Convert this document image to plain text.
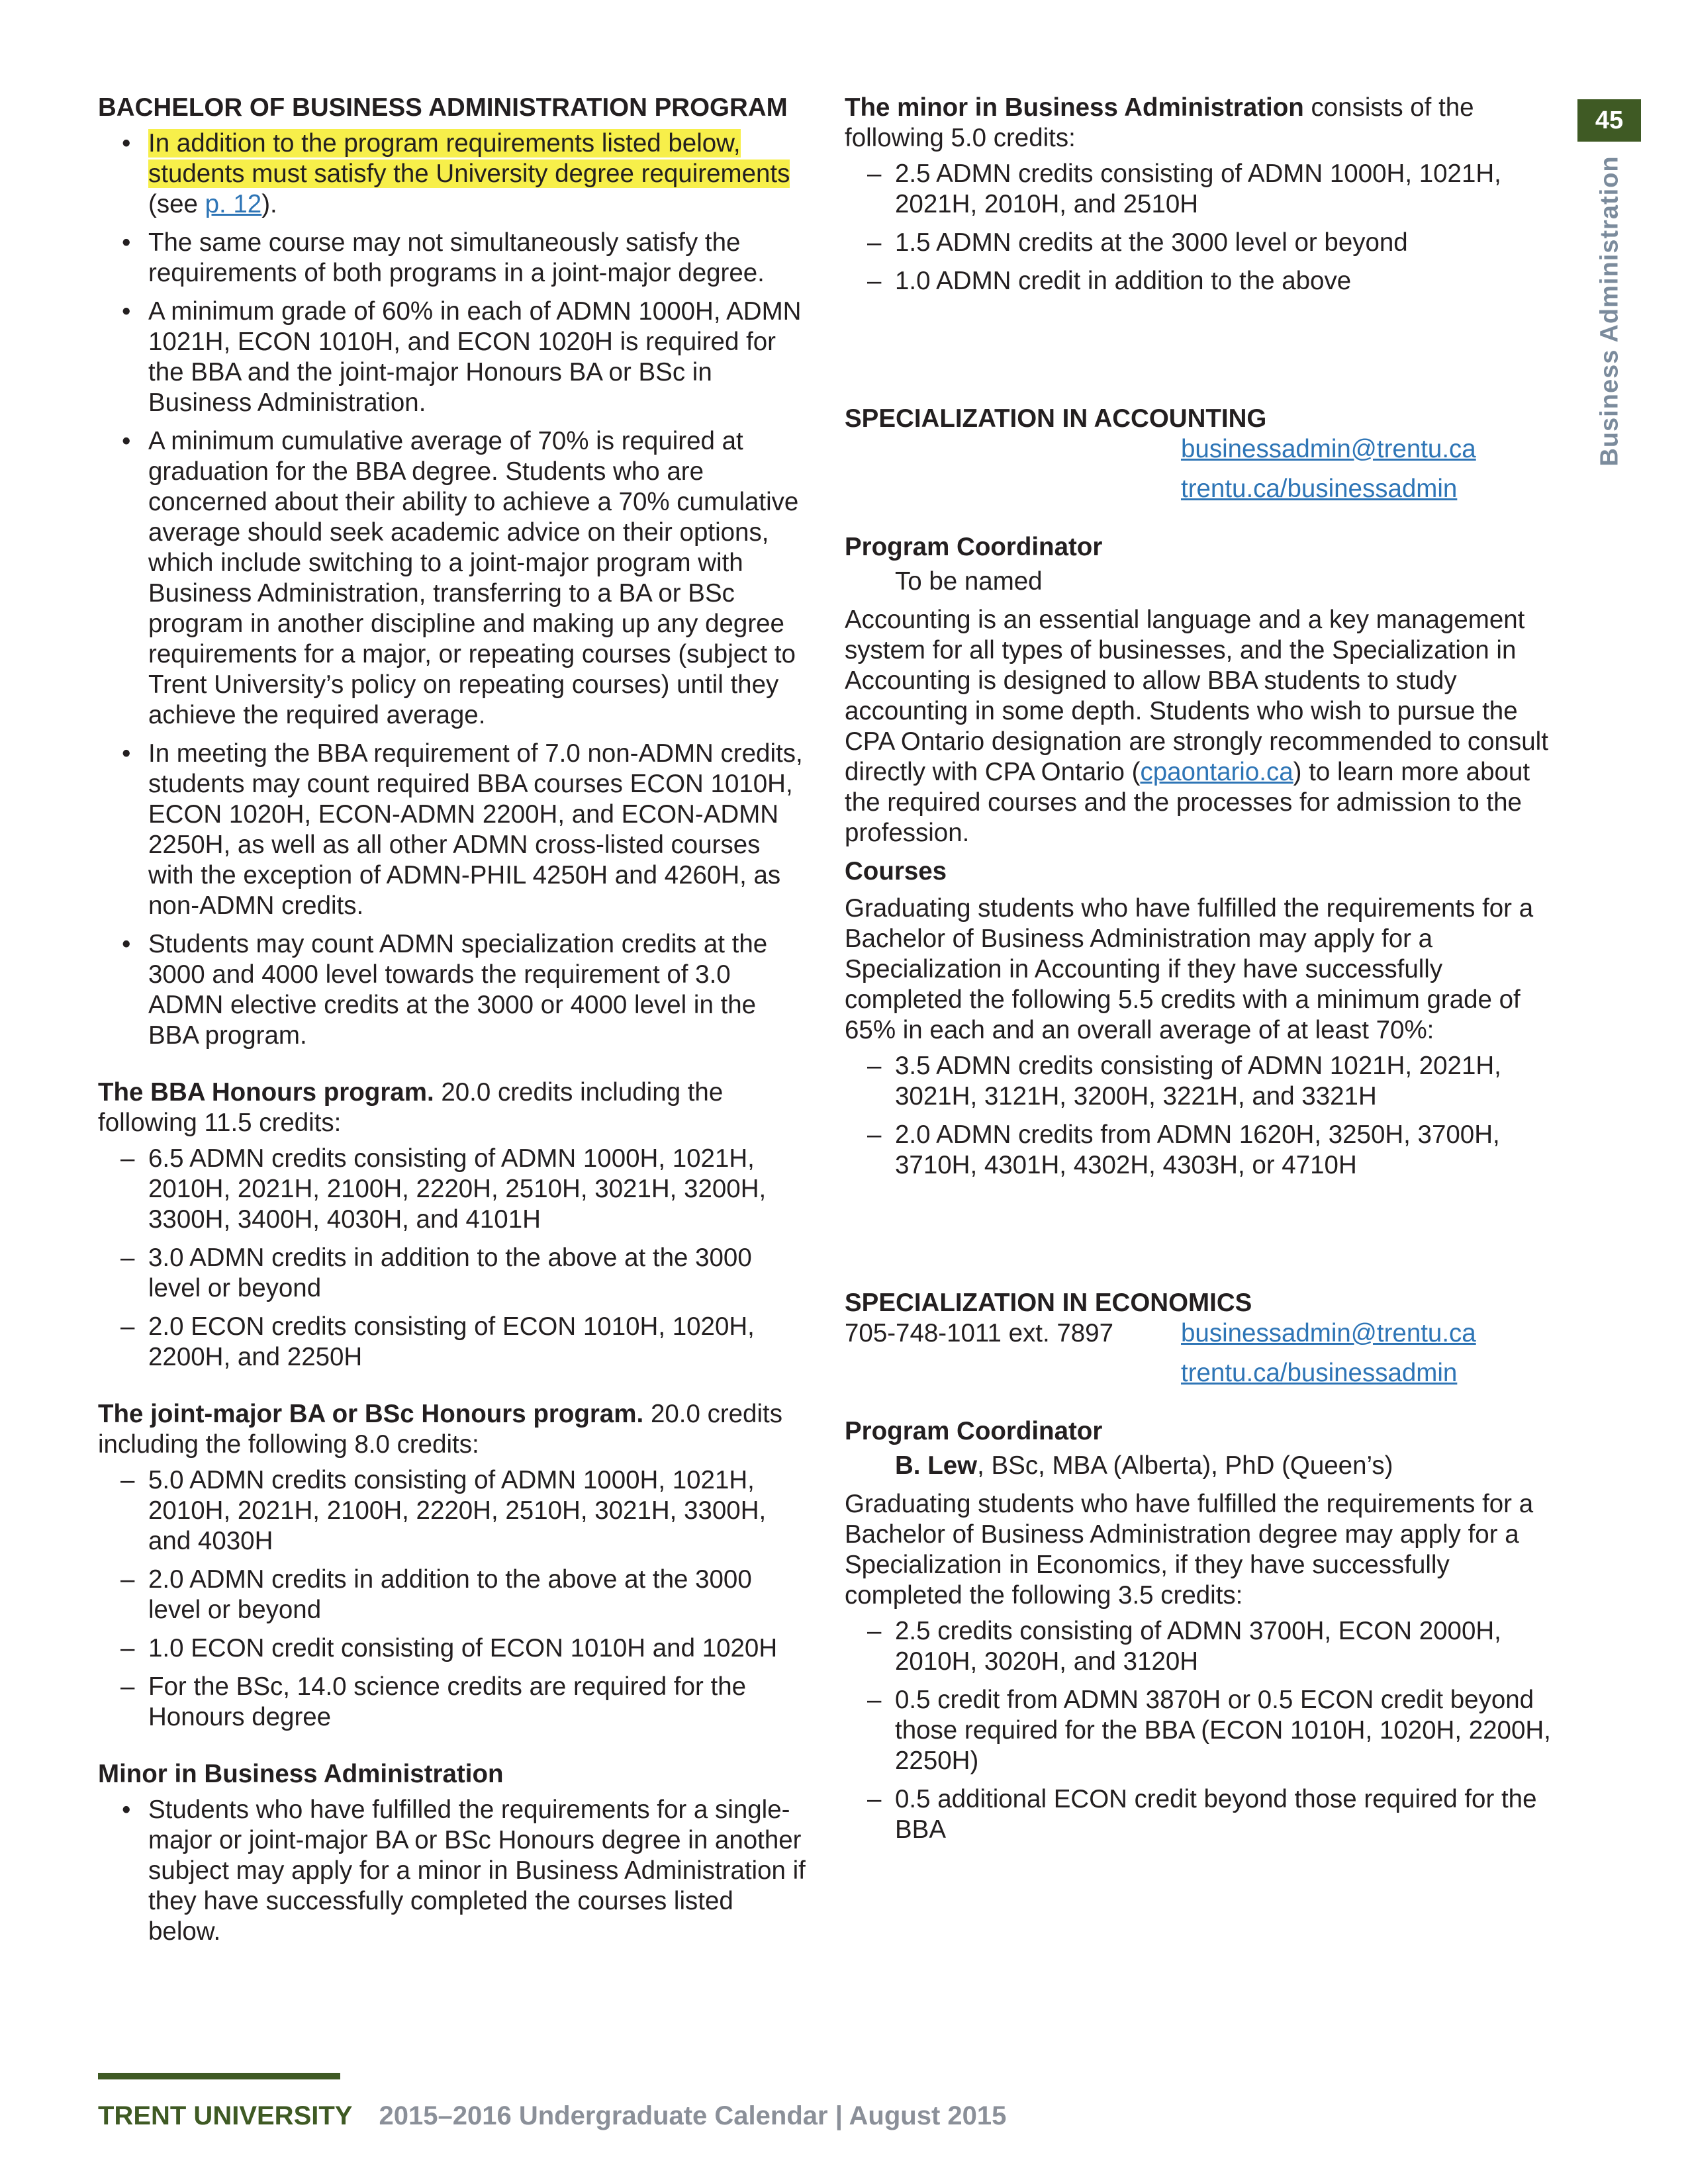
BACHELOR OF BUSINESS ADMINISTRATION PROGRAM
• In addition to the program requirements listed below, students must satisfy the University degree requirements (see p. 12).
• The same course may not simultaneously satisfy the requirements of both programs in a joint-major degree.
• A minimum grade of 60% in each of ADMN 1000H, ADMN 1021H, ECON 1010H, and ECON 1020H is required for the BBA and the joint-major Honours BA or BSc in Business Administration.
• A minimum cumulative average of 70% is required at graduation for the BBA degree. Students who are concerned about their ability to achieve a 70% cumulative average should seek academic advice on their options, which include switching to a joint-major program with Business Administration, transferring to a BA or BSc program in another discipline and making up any degree requirements for a major, or repeating courses (subject to Trent University’s policy on repeating courses) until they achieve the required average.
• In meeting the BBA requirement of 7.0 non-ADMN credits, students may count required BBA courses ECON 1010H, ECON 1020H, ECON-ADMN 2200H, and ECON-ADMN 2250H, as well as all other ADMN cross-listed courses with the exception of ADMN-PHIL 4250H and 4260H, as non-ADMN credits.
• Students may count ADMN specialization credits at the 3000 and 4000 level towards the requirement of 3.0 ADMN elective credits at the 3000 or 4000 level in the BBA program.

The BBA Honours program. 20.0 credits including the following 11.5 credits:

– 6.5 ADMN credits consisting of ADMN 1000H, 1021H, 2010H, 2021H, 2100H, 2220H, 2510H, 3021H, 3200H, 3300H, 3400H, 4030H, and 4101H
– 3.0 ADMN credits in addition to the above at the 3000 level or beyond
– 2.0 ECON credits consisting of ECON 1010H, 1020H, 2200H, and 2250H

The joint-major BA or BSc Honours program. 20.0 credits including the following 8.0 credits:

– 5.0 ADMN credits consisting of ADMN 1000H, 1021H, 2010H, 2021H, 2100H, 2220H, 2510H, 3021H, 3300H, and 4030H
– 2.0 ADMN credits in addition to the above at the 3000 level or beyond
– 1.0 ECON credit consisting of ECON 1010H and 1020H
– For the BSc, 14.0 science credits are required for the Honours degree

Minor in Business Administration

• Students who have fulfilled the requirements for a single-major or joint-major BA or BSc Honours degree in another subject may apply for a minor in Business Administration if they have successfully completed the courses listed below.

The minor in Business Administration consists of the following 5.0 credits:

– 2.5 ADMN credits consisting of ADMN 1000H, 1021H, 2021H, 2010H, and 2510H
– 1.5 ADMN credits at the 3000 level or beyond
– 1.0 ADMN credit in addition to the above
SPECIALIZATION IN ACCOUNTING
businessadmin@trentu.ca
trentu.ca/businessadmin

Program Coordinator

To be named

Accounting is an essential language and a key management system for all types of businesses, and the Specialization in Accounting is designed to allow BBA students to study accounting in some depth. Students who wish to pursue the CPA Ontario designation are strongly recommended to consult directly with CPA Ontario (cpaontario.ca) to learn more about the required courses and the processes for admission to the profession.

Courses

Graduating students who have fulfilled the requirements for a Bachelor of Business Administration may apply for a Specialization in Accounting if they have successfully completed the following 5.5 credits with a minimum grade of 65% in each and an overall average of at least 70%:

– 3.5 ADMN credits consisting of ADMN 1021H, 2021H, 3021H, 3121H, 3200H, 3221H, and 3321H
– 2.0 ADMN credits from ADMN 1620H, 3250H, 3700H, 3710H, 4301H, 4302H, 4303H, or 4710H
SPECIALIZATION IN ECONOMICS
705-748-1011 ext. 7897	businessadmin@trentu.ca
trentu.ca/businessadmin

Program Coordinator

B. Lew, BSc, MBA (Alberta), PhD (Queen’s)

Graduating students who have fulfilled the requirements for a Bachelor of Business Administration degree may apply for a Specialization in Economics, if they have successfully completed the following 3.5 credits:

– 2.5 credits consisting of ADMN 3700H, ECON 2000H, 2010H, 3020H, and 3120H
– 0.5 credit from ADMN 3870H or 0.5 ECON credit beyond those required for the BBA (ECON 1010H, 1020H, 2200H, 2250H)
– 0.5 additional ECON credit beyond those required for the BBA
45
Business Administration
TRENT UNIVERSITY 2015–2016 Undergraduate Calendar | August 2015
